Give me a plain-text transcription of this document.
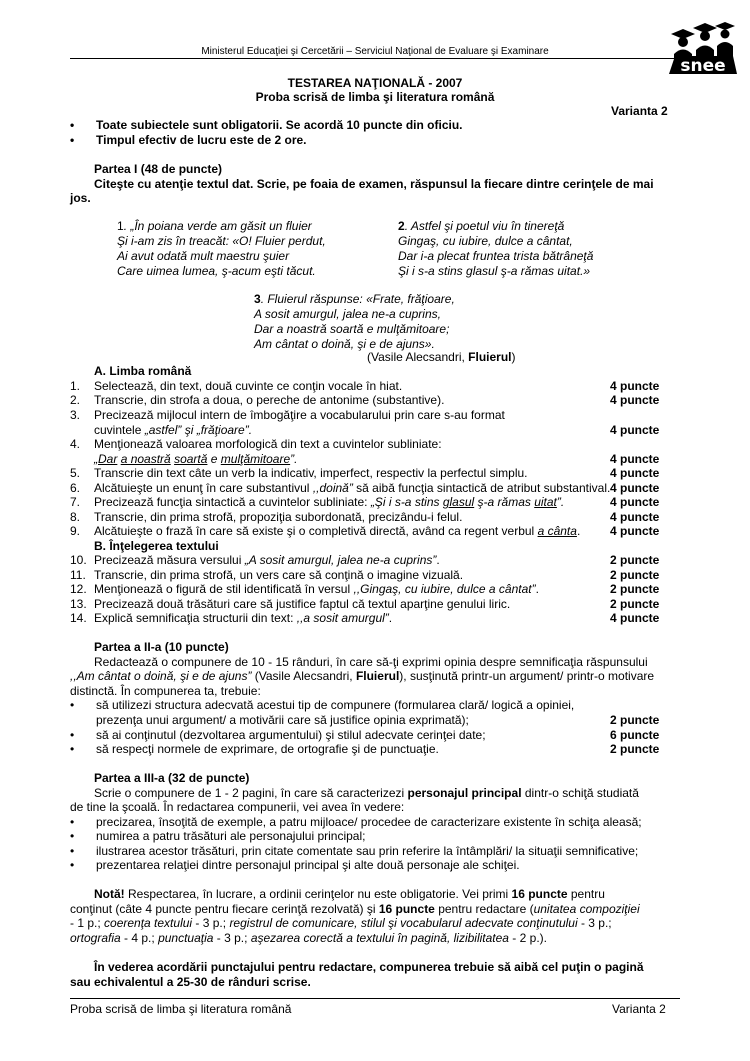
Ministerul Educaţiei şi Cercetării – Serviciul Naţional de Evaluare şi Examinare
snee
TESTAREA NAŢIONALĂ - 2007
Proba scrisă de limba şi literatura română
Varianta 2
• Toate subiectele sunt obligatorii. Se acordă 10 puncte din oficiu.
• Timpul efectiv de lucru este de 2 ore.
Partea I (48 de puncte)
Citeşte cu atenţie textul dat. Scrie, pe foaia de examen, răspunsul la fiecare dintre cerinţele de mai
jos.
1. „În poiana verde am găsit un fluier
Şi i-am zis în treacăt: «O! Fluier perdut,
Ai avut odată mult maestru şuier
Care uimea lumea, ş-acum eşti tăcut.
2. Astfel şi poetul viu în tinereţă
Gingaş, cu iubire, dulce a cântat,
Dar i-a plecat fruntea trista bătrâneţă
Şi i s-a stins glasul ş-a rămas uitat.»
3. Fluierul răspunse: «Frate, frăţioare,
A sosit amurgul, jalea ne-a cuprins,
Dar a noastră soartă e mulţămitoare;
Am cântat o doină, şi e de ajuns».
(Vasile Alecsandri, Fluierul)
A. Limba română
1. Selectează, din text, două cuvinte ce conţin vocale în hiat.	4 puncte
2. Transcrie, din strofa a doua, o pereche de antonime (substantive).	4 puncte
3. Precizează mijlocul intern de îmbogăţire a vocabularului prin care s-au format
cuvintele „astfel” şi „frăţioare”.	4 puncte
4. Menţionează valoarea morfologică din text a cuvintelor subliniate:
„Dar a noastră soartă e mulţămitoare”.	4 puncte
5. Transcrie din text câte un verb la indicativ, imperfect, respectiv la perfectul simplu.	4 puncte
6. Alcătuieşte un enunţ în care substantivul ,,doină” să aibă funcţia sintactică de atribut substantival. 4 puncte
7. Precizează funcţia sintactică a cuvintelor subliniate: „Şi i s-a stins glasul ş-a rămas uitat”.	4 puncte
8. Transcrie, din prima strofă, propoziţia subordonată, precizându-i felul.	4 puncte
9. Alcătuieşte o frază în care să existe şi o completivă directă, având ca regent verbul a cânta. 4 puncte
B. Înţelegerea textului
10. Precizează măsura versului „A sosit amurgul, jalea ne-a cuprins”.	2 puncte
11. Transcrie, din prima strofă, un vers care să conţină o imagine vizuală.	2 puncte
12. Menţionează o figură de stil identificată în versul ,,Gingaş, cu iubire, dulce a cântat”.	2 puncte
13. Precizează două trăsături care să justifice faptul că textul aparţine genului liric.	2 puncte
14. Explică semnificaţia structurii din text: ,,a sosit amurgul”.	4 puncte
Partea a II-a (10 puncte)
Redactează o compunere de 10 - 15 rânduri, în care să-ţi exprimi opinia despre semnificaţia răspunsului
,,Am cântat o doină, şi e de ajuns” (Vasile Alecsandri, Fluierul), susţinută printr-un argument/ printr-o motivare
distinctă. În compunerea ta, trebuie:
• să utilizezi structura adecvată acestui tip de compunere (formularea clară/ logică a opiniei,
prezenţa unui argument/ a motivării care să justifice opinia exprimată);	2 puncte
• să ai conţinutul (dezvoltarea argumentului) şi stilul adecvate cerinţei date;	6 puncte
• să respecţi normele de exprimare, de ortografie şi de punctuaţie.	2 puncte
Partea a III-a (32 de puncte)
Scrie o compunere de 1 - 2 pagini, în care să caracterizezi personajul principal dintr-o schiţă studiată
de tine la şcoală. În redactarea compunerii, vei avea în vedere:
• precizarea, însoţită de exemple, a patru mijloace/ procedee de caracterizare existente în schiţa aleasă;
• numirea a patru trăsături ale personajului principal;
• ilustrarea acestor trăsături, prin citate comentate sau prin referire la întâmplări/ la situaţii semnificative;
• prezentarea relaţiei dintre personajul principal şi alte două personaje ale schiţei.
Notă! Respectarea, în lucrare, a ordinii cerinţelor nu este obligatorie. Vei primi 16 puncte pentru
conţinut (câte 4 puncte pentru fiecare cerinţă rezolvată) şi 16 puncte pentru redactare (unitatea compoziţiei
- 1 p.; coerenţa textului - 3 p.; registrul de comunicare, stilul şi vocabularul adecvate conţinutului - 3 p.;
ortografia - 4 p.; punctuaţia - 3 p.; aşezarea corectă a textului în pagină, lizibilitatea - 2 p.).
În vederea acordării punctajului pentru redactare, compunerea trebuie să aibă cel puţin o pagină
sau echivalentul a 25-30 de rânduri scrise.
Proba scrisă de limba şi literatura română	Varianta 2
